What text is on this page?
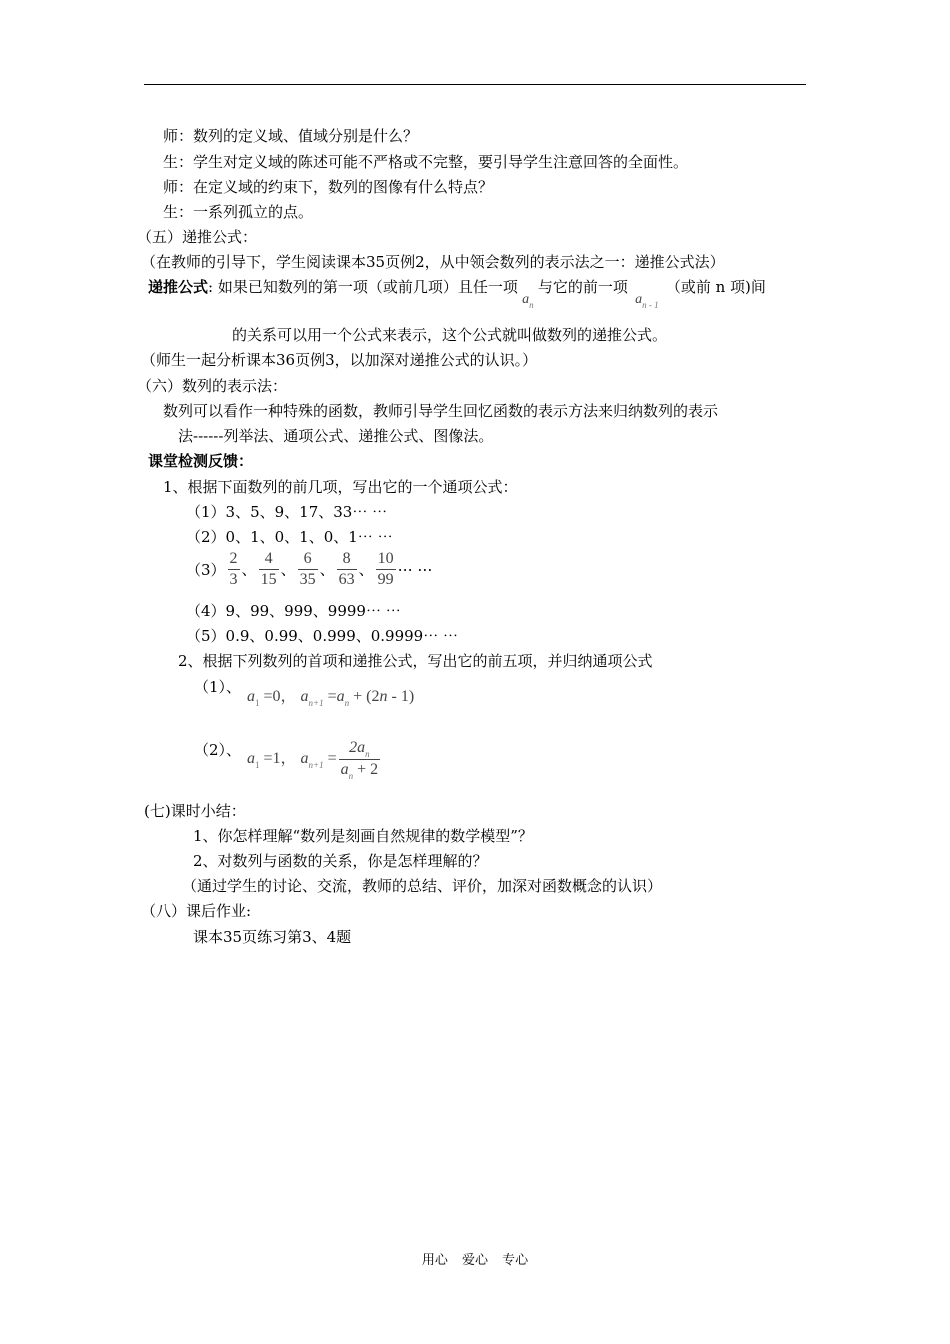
师：数列的定义域、值域分别是什么？
生：学生对定义域的陈述可能不严格或不完整，要引导学生注意回答的全面性。
师：在定义域的约束下，数列的图像有什么特点？
生：一系列孤立的点。
（五）递推公式：
（在教师的引导下，学生阅读课本35页例2，从中领会数列的表示法之一：递推公式法）
递推公式: 如果已知数列的第一项（或前几项）且任一项$a_n$与它的前一项$a_{n - 1}$（或前 n 项)间
的关系可以用一个公式来表示，这个公式就叫做数列的递推公式。
（师生一起分析课本36页例3，以加深对递推公式的认识。）
（六）数列的表示法：
数列可以看作一种特殊的函数，教师引导学生回忆函数的表示方法来归纳数列的表示
法------列举法、通项公式、递推公式、图像法。
课堂检测反馈：
1、根据下面数列的前几项，写出它的一个通项公式：
（1）3、5、9、17、33⋯ ⋯
（2）0、1、0、1、0、1⋯ ⋯
$(3) \frac{2}{3}$ 、 $\frac{4}{15}$ 、 $\frac{6}{35}$ 、 $\frac{8}{63}$ 、 $\frac{10}{99}$ ⋯ ⋯
（4）9、99、999、9999⋯ ⋯
（5）0.9、0.99、0.999、0.9999⋯ ⋯
2、根据下列数列的首项和递推公式，写出它的前五项，并归纳通项公式
（1）、
$a_1 =0$， $a_{n+1} =a_n + (2n - 1)$
（2）、 $a_1 =1$， $a_{n+1} = \frac{2a_n}{a_n + 2}$
(七)课时小结：
1、你怎样理解“数列是刻画自然规律的数学模型”？
2、对数列与函数的关系，你是怎样理解的？
（通过学生的讨论、交流，教师的总结、评价，加深对函数概念的认识）
（八）课后作业:
课本35页练习第3、4题
用心 爱心 专心
